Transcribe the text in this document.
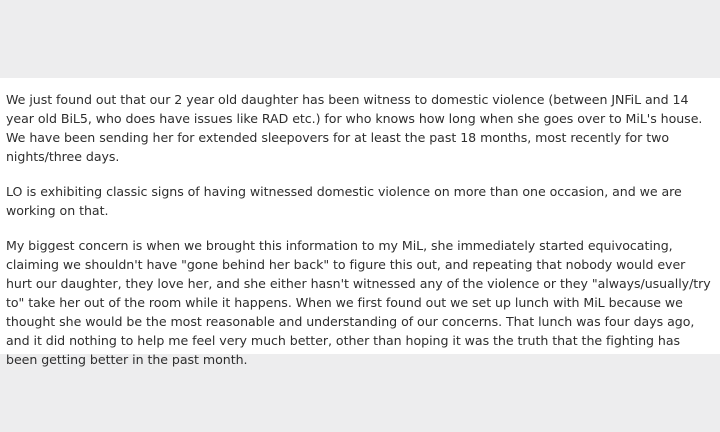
We just found out that our 2 year old daughter has been witness to domestic violence (between JNFiL and 14 year old BiL5, who does have issues like RAD etc.) for who knows how long when she goes over to MiL's house. We have been sending her for extended sleepovers for at least the past 18 months, most recently for two nights/three days.

LO is exhibiting classic signs of having witnessed domestic violence on more than one occasion, and we are working on that.

My biggest concern is when we brought this information to my MiL, she immediately started equivocating, claiming we shouldn't have "gone behind her back" to figure this out, and repeating that nobody would ever hurt our daughter, they love her, and she either hasn't witnessed any of the violence or they "always/usually/try to" take her out of the room while it happens. When we first found out we set up lunch with MiL because we thought she would be the most reasonable and understanding of our concerns. That lunch was four days ago, and it did nothing to help me feel very much better, other than hoping it was the truth that the fighting has been getting better in the past month.
